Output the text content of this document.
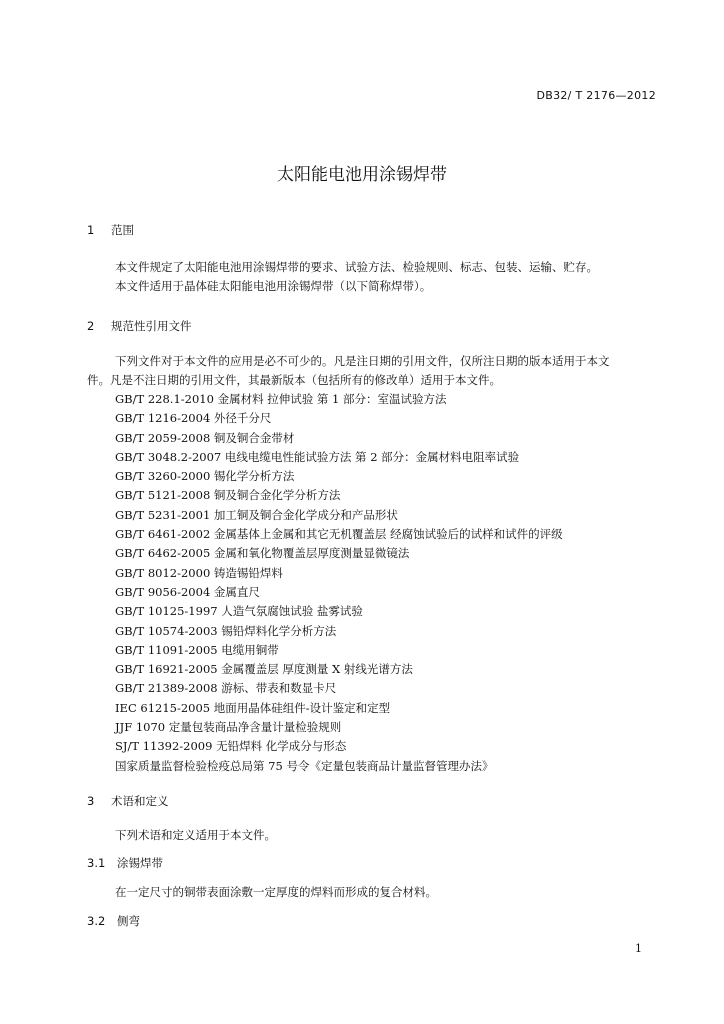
DB32/ T 2176—2012
太阳能电池用涂锡焊带
1 范围
本文件规定了太阳能电池用涂锡焊带的要求、试验方法、检验规则、标志、包装、运输、贮存。
本文件适用于晶体硅太阳能电池用涂锡焊带（以下简称焊带）。
2 规范性引用文件
下列文件对于本文件的应用是必不可少的。凡是注日期的引用文件，仅所注日期的版本适用于本文
件。凡是不注日期的引用文件，其最新版本（包括所有的修改单）适用于本文件。
GB/T 228.1-2010 金属材料 拉伸试验 第 1 部分：室温试验方法
GB/T 1216-2004 外径千分尺
GB/T 2059-2008 铜及铜合金带材
GB/T 3048.2-2007 电线电缆电性能试验方法 第 2 部分：金属材料电阻率试验
GB/T 3260-2000 锡化学分析方法
GB/T 5121-2008 铜及铜合金化学分析方法
GB/T 5231-2001 加工铜及铜合金化学成分和产品形状
GB/T 6461-2002 金属基体上金属和其它无机覆盖层 经腐蚀试验后的试样和试件的评级
GB/T 6462-2005 金属和氧化物覆盖层厚度测量显微镜法
GB/T 8012-2000 铸造锡铅焊料
GB/T 9056-2004 金属直尺
GB/T 10125-1997 人造气氛腐蚀试验 盐雾试验
GB/T 10574-2003 锡铅焊料化学分析方法
GB/T 11091-2005 电缆用铜带
GB/T 16921-2005 金属覆盖层 厚度测量 X 射线光谱方法
GB/T 21389-2008 游标、带表和数显卡尺
IEC 61215-2005 地面用晶体硅组件-设计鉴定和定型
JJF 1070 定量包装商品净含量计量检验规则
SJ/T 11392-2009 无铅焊料 化学成分与形态
国家质量监督检验检疫总局第 75 号令《定量包装商品计量监督管理办法》
3 术语和定义
下列术语和定义适用于本文件。
3.1 涂锡焊带
在一定尺寸的铜带表面涂敷一定厚度的焊料而形成的复合材料。
3.2 侧弯
1
